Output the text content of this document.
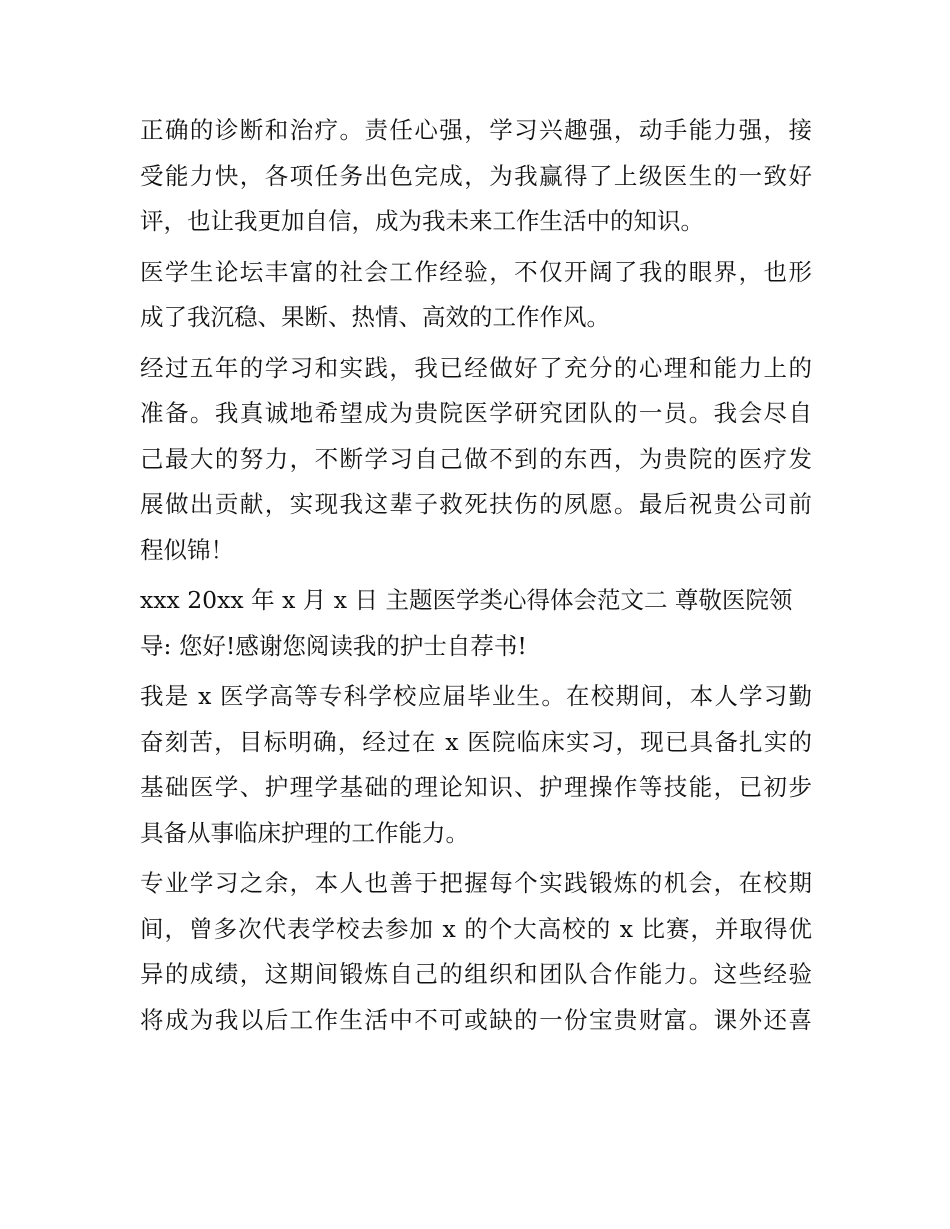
正确的诊断和治疗。责任心强，学习兴趣强，动手能力强，接
受能力快，各项任务出色完成，为我赢得了上级医生的一致好
评，也让我更加自信，成为我未来工作生活中的知识。
医学生论坛丰富的社会工作经验，不仅开阔了我的眼界，也形
成了我沉稳、果断、热情、高效的工作作风。
经过五年的学习和实践，我已经做好了充分的心理和能力上的
准备。我真诚地希望成为贵院医学研究团队的一员。我会尽自
己最大的努力，不断学习自己做不到的东西，为贵院的医疗发
展做出贡献，实现我这辈子救死扶伤的夙愿。最后祝贵公司前
程似锦！
xxx 20xx 年 x 月 x 日 主题医学类心得体会范文二 尊敬医院领
导: 您好!感谢您阅读我的护士自荐书!
我是 x 医学高等专科学校应届毕业生。在校期间，本人学习勤
奋刻苦，目标明确，经过在 x 医院临床实习，现已具备扎实的
基础医学、护理学基础的理论知识、护理操作等技能，已初步
具备从事临床护理的工作能力。
专业学习之余，本人也善于把握每个实践锻炼的机会，在校期
间，曾多次代表学校去参加 x 的个大高校的 x 比赛，并取得优
异的成绩，这期间锻炼自己的组织和团队合作能力。这些经验
将成为我以后工作生活中不可或缺的一份宝贵财富。课外还喜
